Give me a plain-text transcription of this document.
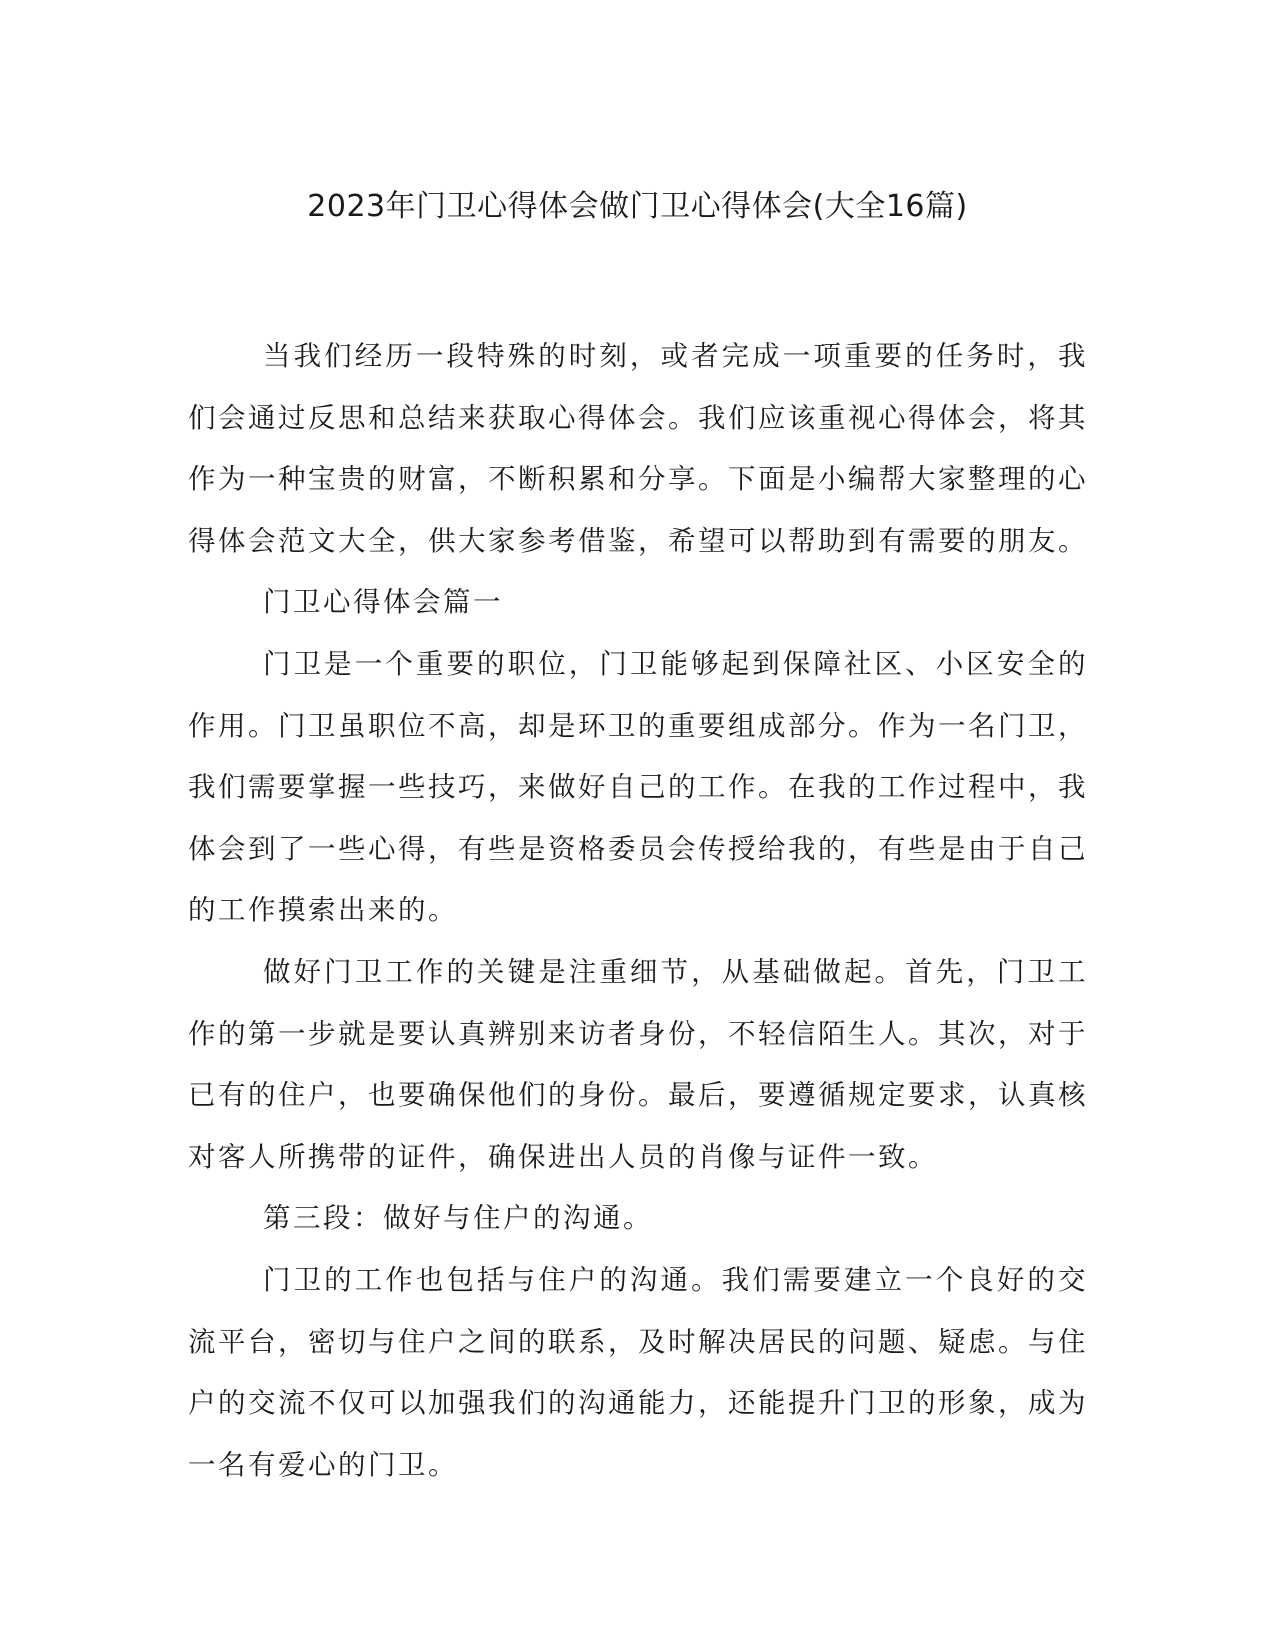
2023年门卫心得体会做门卫心得体会(大全16篇)

当我们经历一段特殊的时刻，或者完成一项重要的任务时，我们会通过反思和总结来获取心得体会。我们应该重视心得体会，将其作为一种宝贵的财富，不断积累和分享。下面是小编帮大家整理的心得体会范文大全，供大家参考借鉴，希望可以帮助到有需要的朋友。

门卫心得体会篇一

门卫是一个重要的职位，门卫能够起到保障社区、小区安全的作用。门卫虽职位不高，却是环卫的重要组成部分。作为一名门卫，我们需要掌握一些技巧，来做好自己的工作。在我的工作过程中，我体会到了一些心得，有些是资格委员会传授给我的，有些是由于自己的工作摸索出来的。

做好门卫工作的关键是注重细节，从基础做起。首先，门卫工作的第一步就是要认真辨别来访者身份，不轻信陌生人。其次，对于已有的住户，也要确保他们的身份。最后，要遵循规定要求，认真核对客人所携带的证件，确保进出人员的肖像与证件一致。

第三段：做好与住户的沟通。

门卫的工作也包括与住户的沟通。我们需要建立一个良好的交流平台，密切与住户之间的联系，及时解决居民的问题、疑虑。与住户的交流不仅可以加强我们的沟通能力，还能提升门卫的形象，成为一名有爱心的门卫。
